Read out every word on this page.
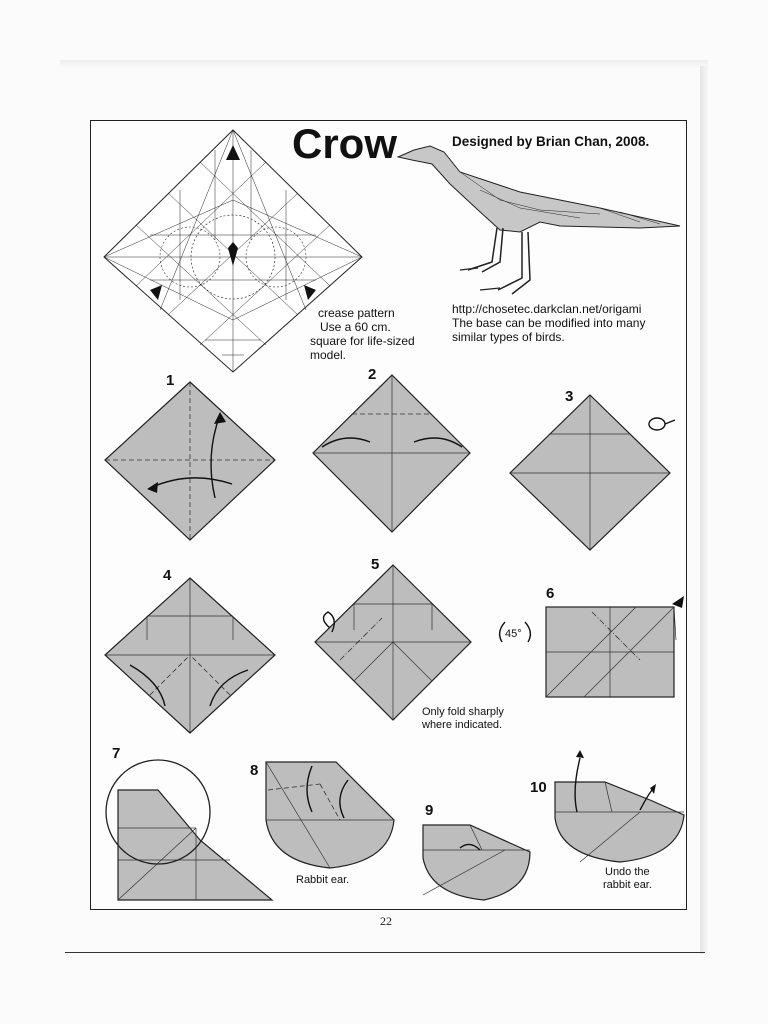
Crow	Designed by Brian Chan, 2008.
crease pattern
Use a 60 cm.
square for life-sized
model.
http://chosetec.darkclan.net/origami
The base can be modified into many
similar types of birds.
1	2
3
4
5
6
7
8
9
10
45°
Only fold sharply
where indicated.
Rabbit ear.
Undo the
rabbit ear.
22
